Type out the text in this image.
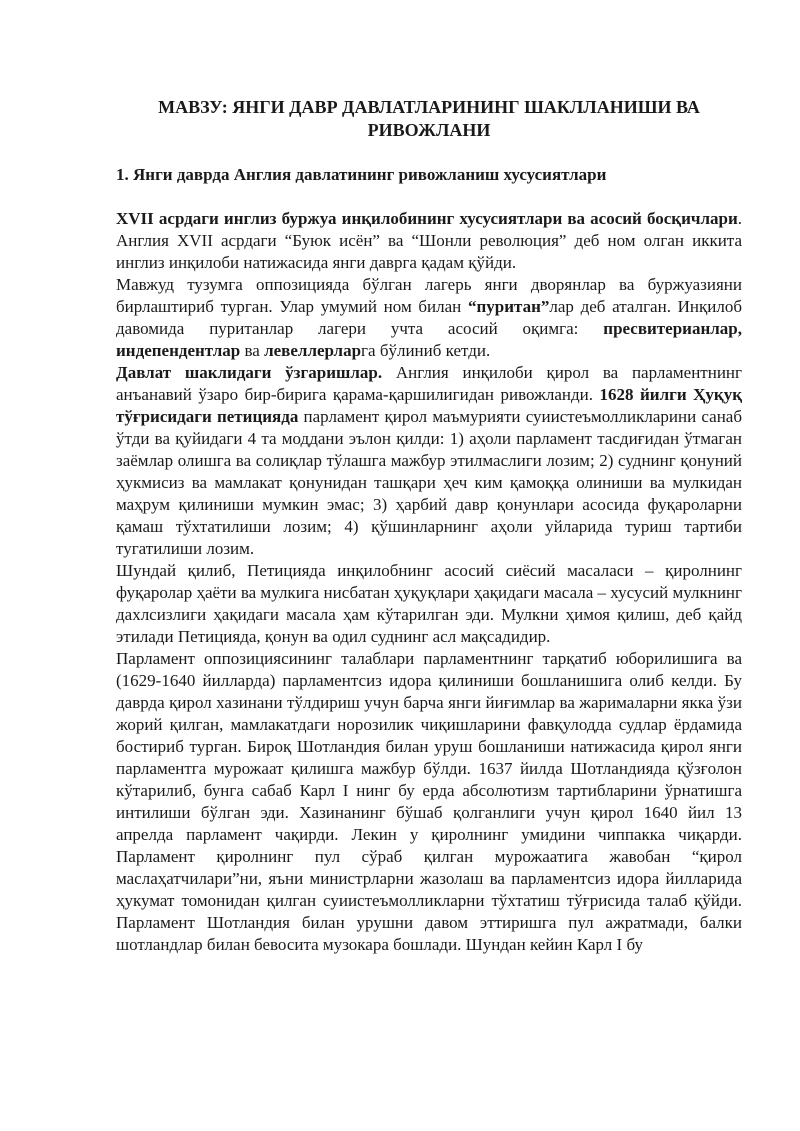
МАВЗУ: ЯНГИ ДАВР ДАВЛАТЛАРИНИНГ ШАКЛЛАНИШИ ВА РИВОЖЛАНИ
1. Янги даврда Англия давлатининг ривожланиш хусусиятлари

XVII асрдаги инглиз буржуа инқилобининг хусусиятлари ва асосий босқичлари. Англия XVII асрдаги “Буюк исён” ва “Шонли революция” деб ном олган иккита инглиз инқилоби натижасида янги даврга қадам қўйди.

Мавжуд тузумга оппозицияда бўлган лагерь янги дворянлар ва буржуазияни бирлаштириб турган. Улар умумий ном билан “пуритан”лар деб аталган. Инқилоб давомида пуританлар лагери учта асосий оқимга: пресвитерианлар, индепендентлар ва левеллерларга бўлиниб кетди.

Давлат шаклидаги ўзгаришлар. Англия инқилоби қирол ва парламентнинг анъанавий ўзаро бир-бирига қарама-қаршилигидан ривожланди. 1628 йилги Ҳуқуқ тўғрисидаги петицияда парламент қирол маъмурияти суиистеъмолликларини санаб ўтди ва қуйидаги 4 та моддани эълон қилди: 1) аҳоли парламент тасдиғидан ўтмаган заёмлар олишга ва солиқлар тўлашга мажбур этилмаслиги лозим; 2) суднинг қонуний ҳукмисиз ва мамлакат қонунидан ташқари ҳеч ким қамоққа олиниши ва мулкидан маҳрум қилиниши мумкин эмас; 3) ҳарбий давр қонунлари асосида фуқароларни қамаш тўхтатилиши лозим; 4) қўшинларнинг аҳоли уйларида туриш тартиби тугатилиши лозим.

Шундай қилиб, Петицияда инқилобнинг асосий сиёсий масаласи – қиролнинг фуқаролар ҳаёти ва мулкига нисбатан ҳуқуқлари ҳақидаги масала – хусусий мулкнинг дахлсизлиги ҳақидаги масала ҳам кўтарилган эди. Мулкни ҳимоя қилиш, деб қайд этилади Петицияда, қонун ва одил суднинг асл мақсадидир.

Парламент оппозициясининг талаблари парламентнинг тарқатиб юборилишига ва (1629-1640 йилларда) парламентсиз идора қилиниши бошланишига олиб келди. Бу даврда қирол хазинани тўлдириш учун барча янги йиғимлар ва жарималарни якка ўзи жорий қилган, мамлакатдаги норозилик чиқишларини фавқулодда судлар ёрдамида бостириб турган. Бироқ Шотландия билан уруш бошланиши натижасида қирол янги парламентга мурожаат қилишга мажбур бўлди. 1637 йилда Шотландияда қўзғолон кўтарилиб, бунга сабаб Карл I нинг бу ерда абсолютизм тартибларини ўрнатишга интилиши бўлган эди. Хазинанинг бўшаб қолганлиги учун қирол 1640 йил 13 апрелда парламент чақирди. Лекин у қиролнинг умидини чиппакка чиқарди. Парламент қиролнинг пул сўраб қилган мурожаатига жавобан “қирол маслаҳатчилари”ни, яъни министрларни жазолаш ва парламентсиз идора йилларида ҳукумат томонидан қилган суиистеъмолликларни тўхтатиш тўғрисида талаб қўйди. Парламент Шотландия билан урушни давом эттиришга пул ажратмади, балки шотландлар билан бевосита музокара бошлади. Шундан кейин Карл I бу
